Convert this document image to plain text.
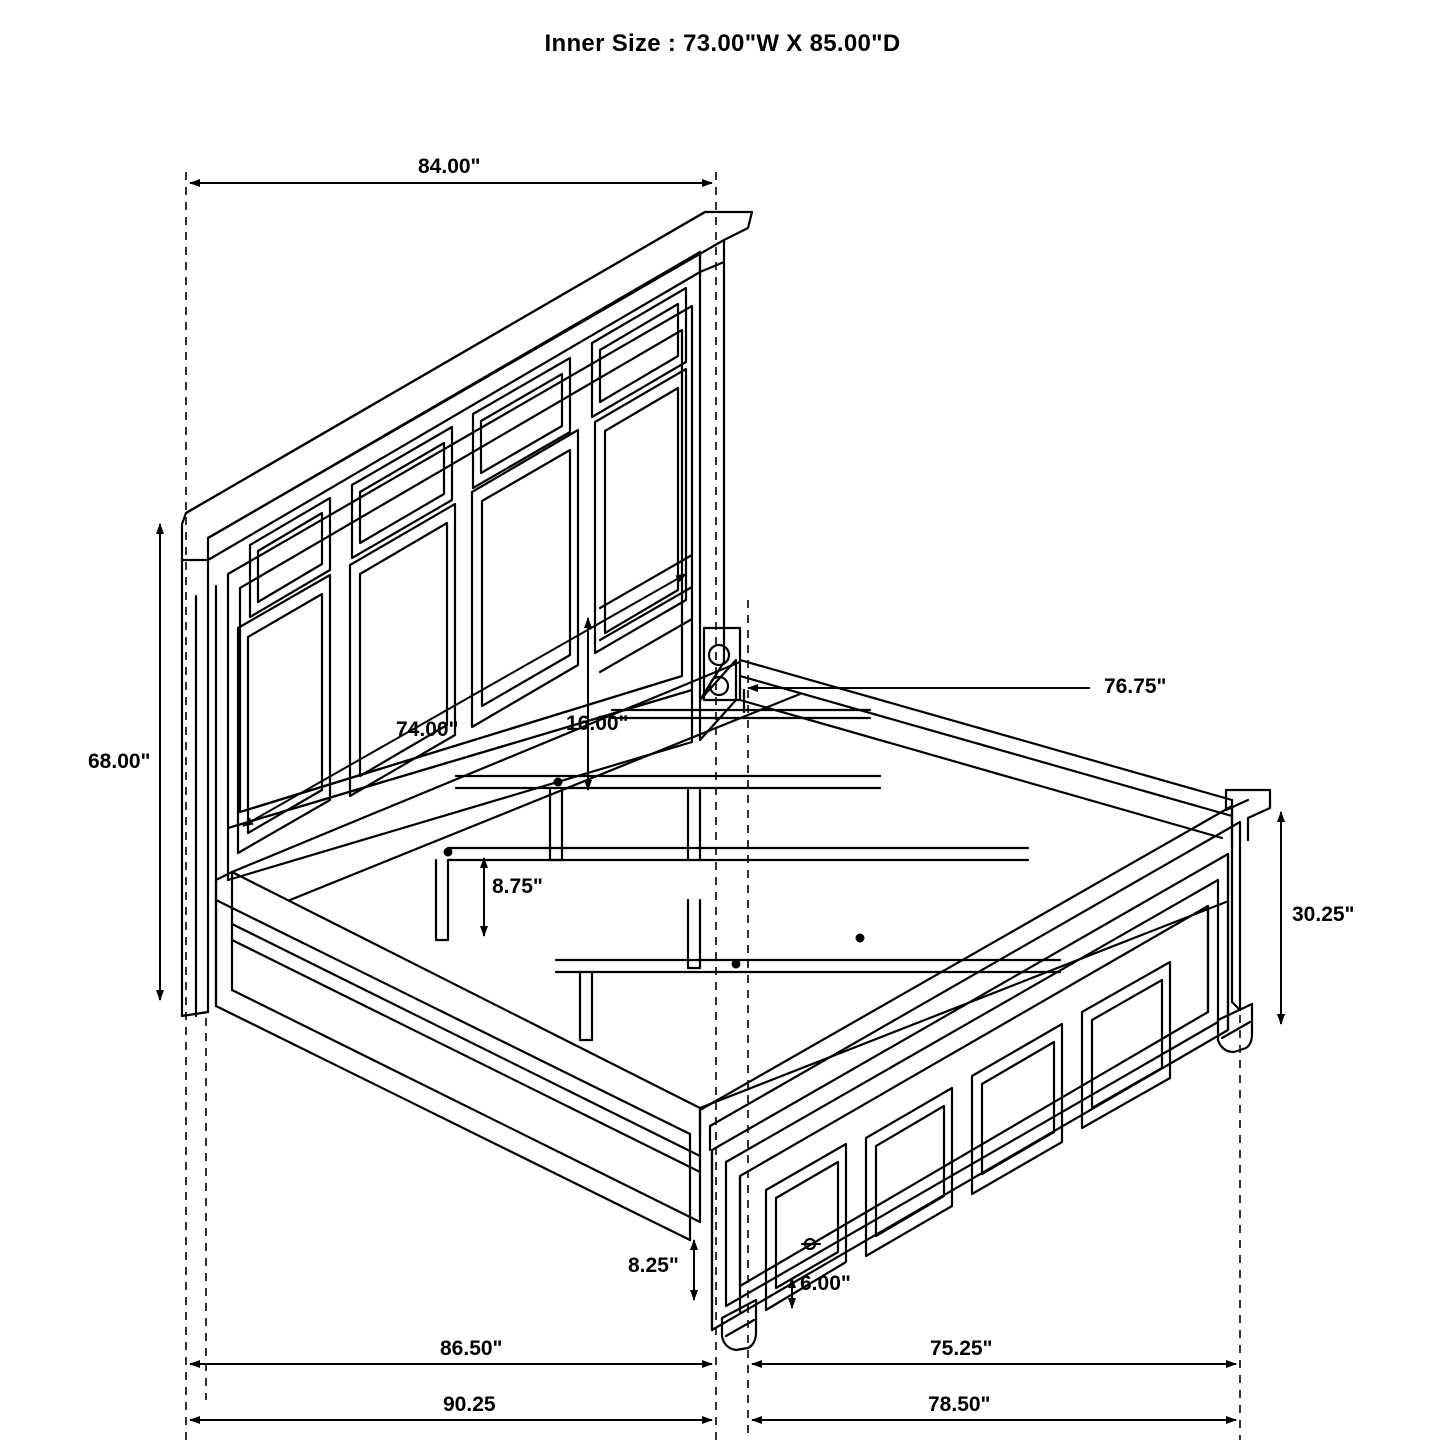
Inner Size : 73.00"W X 85.00"D
84.00"
68.00"
74.00"	16.00"
8.75"
76.75"
30.25"
8.25"
6.00"
86.50"	75.25"
90.25	78.50"
